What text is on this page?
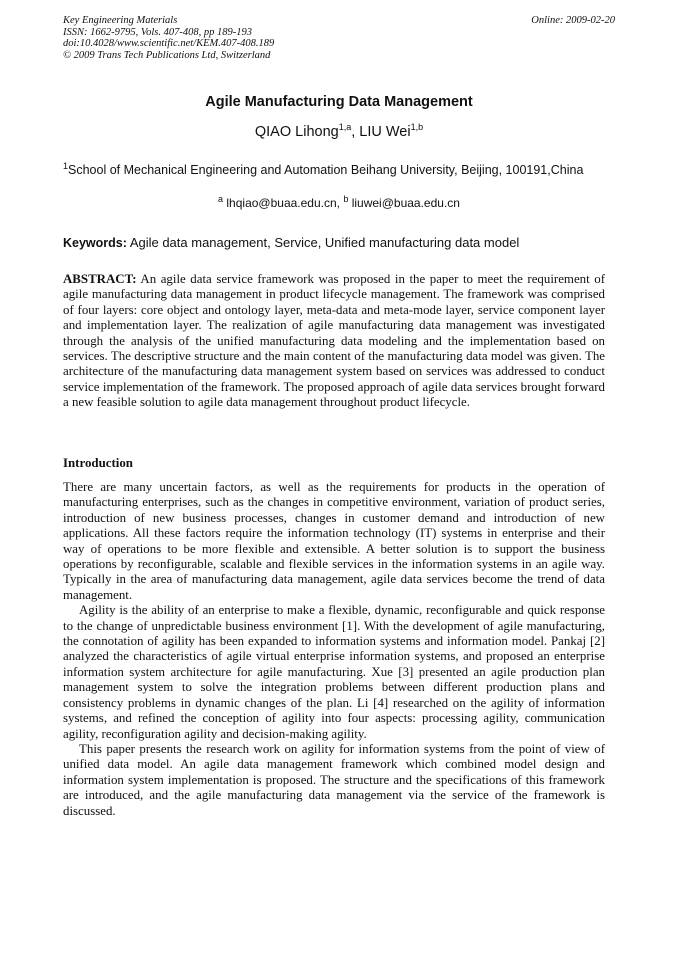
Key Engineering Materials
ISSN: 1662-9795, Vols. 407-408, pp 189-193
doi:10.4028/www.scientific.net/KEM.407-408.189
© 2009 Trans Tech Publications Ltd, Switzerland
Online: 2009-02-20
Agile Manufacturing Data Management
QIAO Lihong$^{1,a}$, LIU Wei$^{1,b}$
$^1$School of Mechanical Engineering and Automation Beihang University, Beijing, 100191,China
$^a$ lhqiao@buaa.edu.cn, $^b$ liuwei@buaa.edu.cn
Keywords: Agile data management, Service, Unified manufacturing data model
ABSTRACT: An agile data service framework was proposed in the paper to meet the requirement of agile manufacturing data management in product lifecycle management. The framework was comprised of four layers: core object and ontology layer, meta-data and meta-mode layer, service component layer and implementation layer. The realization of agile manufacturing data management was investigated through the analysis of the unified manufacturing data modeling and the implementation based on services. The descriptive structure and the main content of the manufacturing data model was given. The architecture of the manufacturing data management system based on services was addressed to conduct service implementation of the framework. The proposed approach of agile data services brought forward a new feasible solution to agile data management throughout product lifecycle.
Introduction

There are many uncertain factors, as well as the requirements for products in the operation of manufacturing enterprises, such as the changes in competitive environment, variation of product series, introduction of new business processes, changes in customer demand and introduction of new applications. All these factors require the information technology (IT) systems in enterprise and their way of operations to be more flexible and extensible. A better solution is to support the business operations by reconfigurable, scalable and flexible services in the information systems in an agile way. Typically in the area of manufacturing data management, agile data services become the trend of data management.

Agility is the ability of an enterprise to make a flexible, dynamic, reconfigurable and quick response to the change of unpredictable business environment [1]. With the development of agile manufacturing, the connotation of agility has been expanded to information systems and information model. Pankaj [2] analyzed the characteristics of agile virtual enterprise information systems, and proposed an enterprise information system architecture for agile manufacturing. Xue [3] presented an agile production plan management system to solve the integration problems between different production plans and consistency problems in dynamic changes of the plan. Li [4] researched on the agility of information systems, and refined the conception of agility into four aspects: processing agility, communication agility, reconfiguration agility and decision-making agility.

This paper presents the research work on agility for information systems from the point of view of unified data model. An agile data management framework which combined model design and information system implementation is proposed. The structure and the specifications of this framework are introduced, and the agile manufacturing data management via the service of the framework is discussed.
